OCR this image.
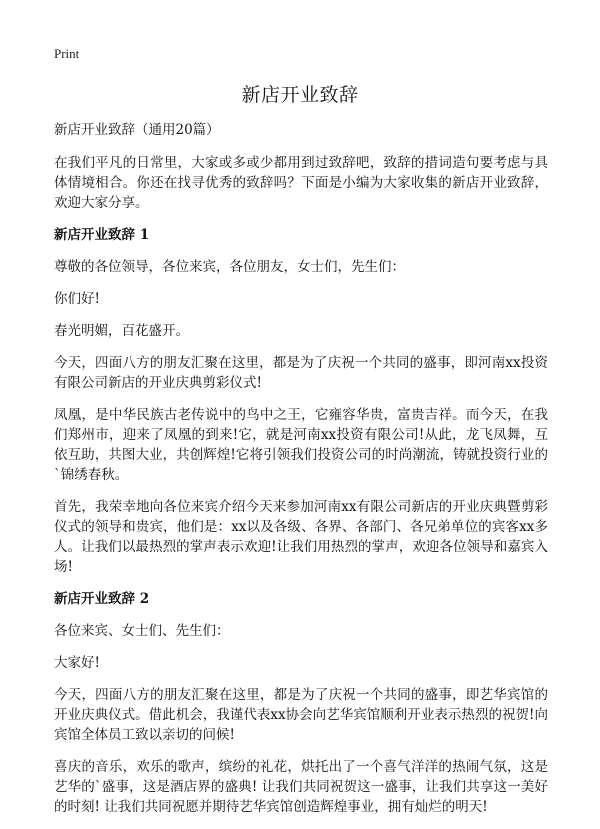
Print
新店开业致辞

新店开业致辞（通用20篇）

在我们平凡的日常里，大家或多或少都用到过致辞吧，致辞的措词造句要考虑与具体情境相合。你还在找寻优秀的致辞吗？下面是小编为大家收集的新店开业致辞，欢迎大家分享。

新店开业致辞 1

尊敬的各位领导，各位来宾，各位朋友，女士们，先生们：

你们好!

春光明媚，百花盛开。

今天，四面八方的朋友汇聚在这里，都是为了庆祝一个共同的盛事，即河南xx投资有限公司新店的开业庆典剪彩仪式!

凤凰，是中华民族古老传说中的鸟中之王，它雍容华贵，富贵吉祥。而今天，在我们郑州市，迎来了凤凰的到来!它，就是河南xx投资有限公司!从此，龙飞凤舞，互依互助，共图大业，共创辉煌!它将引领我们投资公司的时尚潮流，铸就投资行业的`锦绣春秋。

首先，我荣幸地向各位来宾介绍今天来参加河南xx有限公司新店的开业庆典暨剪彩仪式的领导和贵宾，他们是：xx以及各级、各界、各部门、各兄弟单位的宾客xx多人。让我们以最热烈的掌声表示欢迎!让我们用热烈的掌声，欢迎各位领导和嘉宾入场!

新店开业致辞 2

各位来宾、女士们、先生们：

大家好!

今天，四面八方的朋友汇聚在这里，都是为了庆祝一个共同的盛事，即艺华宾馆的开业庆典仪式。借此机会，我谨代表xx协会向艺华宾馆顺利开业表示热烈的祝贺!向宾馆全体员工致以亲切的问候!

喜庆的音乐，欢乐的歌声，缤纷的礼花，烘托出了一个喜气洋洋的热闹气氛，这是艺华的`盛事，这是酒店界的盛典! 让我们共同祝贺这一盛事，让我们共享这一美好的时刻! 让我们共同祝愿并期待艺华宾馆创造辉煌事业，拥有灿烂的明天!
